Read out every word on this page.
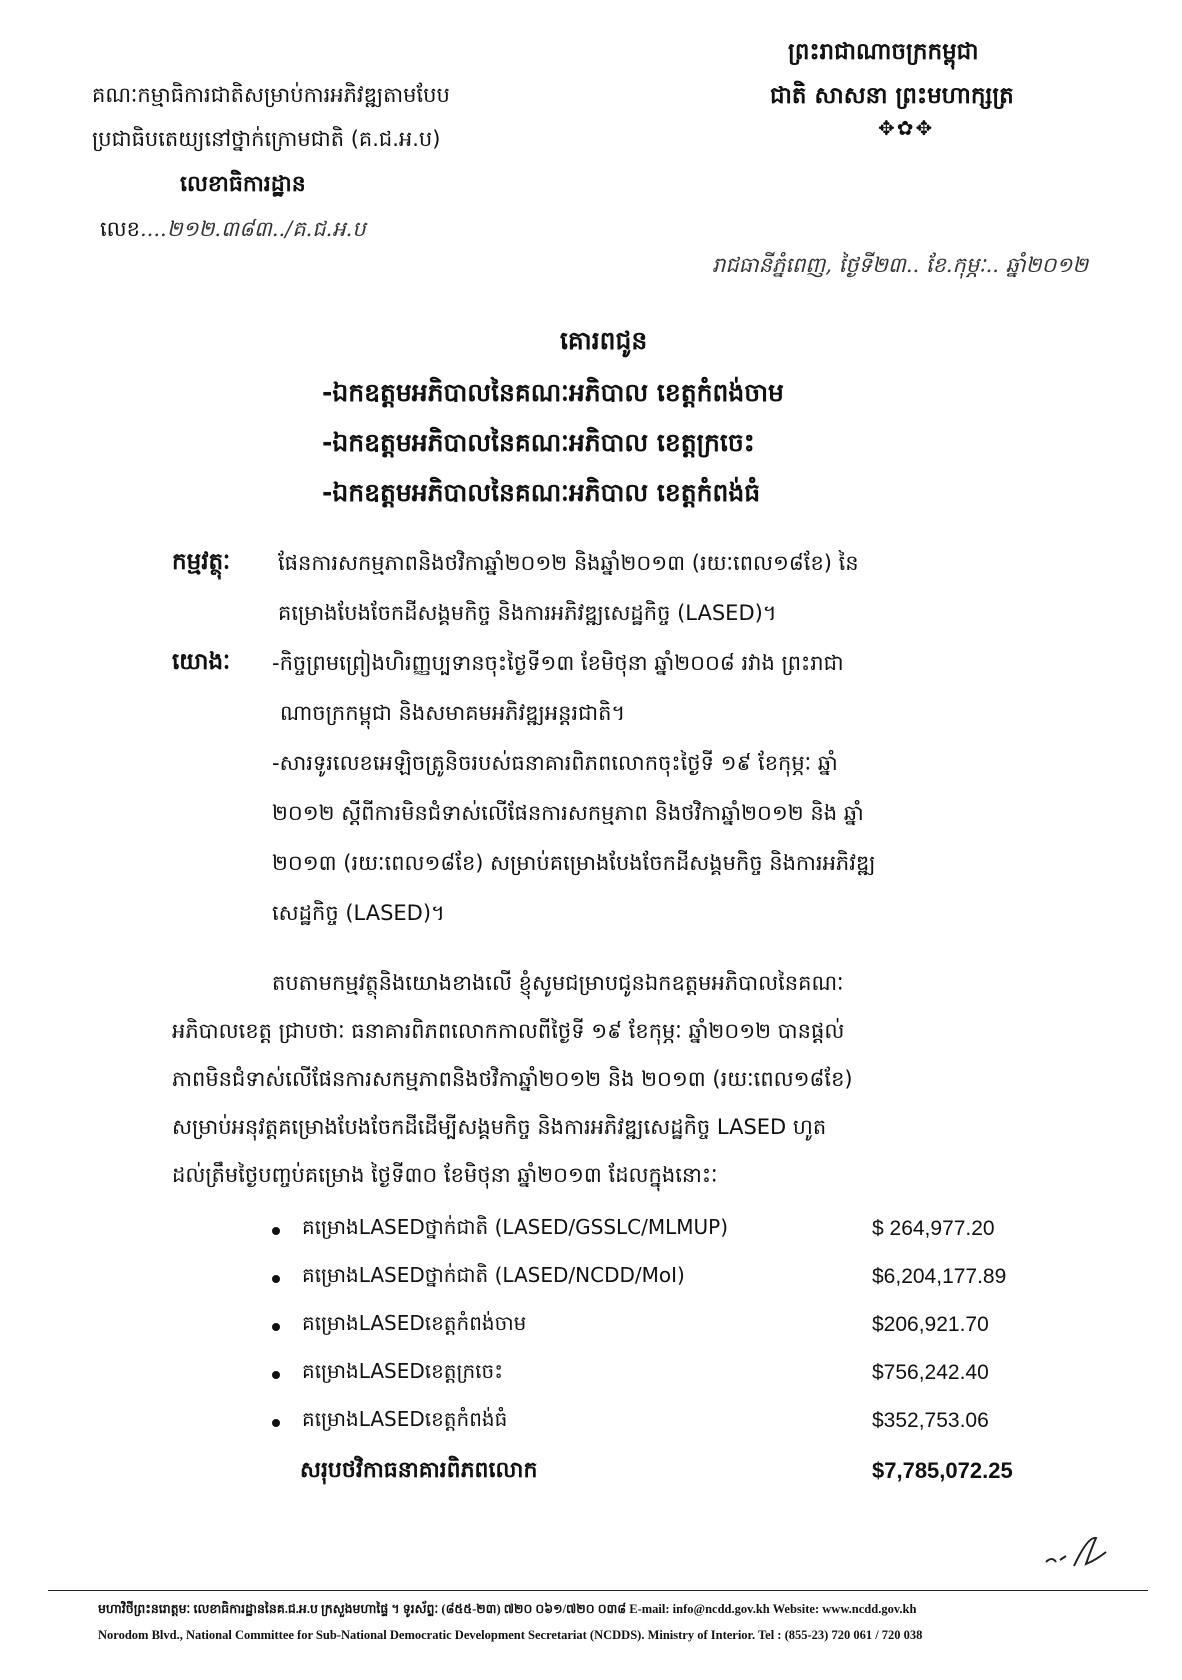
គណៈកម្មាធិការជាតិសម្រាប់ការអភិវឌ្ឍតាមបែប
ប្រជាធិបតេយ្យនៅថ្នាក់ក្រោមជាតិ (គ.ជ.អ.ប)
លេខាធិការដ្ឋាន
លេខ....២១២.៣៨៣../គ.ជ.អ.ប
ព្រះរាជាណាចក្រកម្ពុជា
ជាតិ សាសនា ព្រះមហាក្សត្រ
✥✿✥
រាជធានីភ្នំពេញ, ថ្ងៃទី២៣.. ខែ.កុម្ភៈ.. ឆ្នាំ២០១២
គោរពជូន
-ឯកឧត្តមអភិបាលនៃគណៈអភិបាល ខេត្តកំពង់ចាម
-ឯកឧត្តមអភិបាលនៃគណៈអភិបាល ខេត្តក្រចេះ
-ឯកឧត្តមអភិបាលនៃគណៈអភិបាល ខេត្តកំពង់ធំ
កម្មវត្ថុៈ ផែនការសកម្មភាពនិងថវិកាឆ្នាំ២០១២ និងឆ្នាំ២០១៣ (រយៈពេល១៨ខែ) នៃ
គម្រោងបែងចែកដីសង្គមកិច្ច និងការអភិវឌ្ឍសេដ្ឋកិច្ច (LASED)។
យោងៈ -កិច្ចព្រមព្រៀងហិរញ្ញប្បទានចុះថ្ងៃទី១៣ ខែមិថុនា ឆ្នាំ២០០៨ រវាង ព្រះរាជា
ណាចក្រកម្ពុជា និងសមាគមអភិវឌ្ឍអន្តរជាតិ។
-សារទូរលេខអេឡិចត្រូនិចរបស់ធនាគារពិភពលោកចុះថ្ងៃទី ១៩ ខែកុម្ភៈ ឆ្នាំ
២០១២ ស្តីពីការមិនជំទាស់លើផែនការសកម្មភាព និងថវិកាឆ្នាំ២០១២ និង ឆ្នាំ
២០១៣ (រយៈពេល១៨ខែ) សម្រាប់គម្រោងបែងចែកដីសង្គមកិច្ច និងការអភិវឌ្ឍ
សេដ្ឋកិច្ច (LASED)។
តបតាមកម្មវត្ថុនិងយោងខាងលើ ខ្ញុំសូមជម្រាបជូនឯកឧត្តមអភិបាលនៃគណៈ
អភិបាលខេត្ត ជ្រាបថាៈ ធនាគារពិភពលោកកាលពីថ្ងៃទី ១៩ ខែកុម្ភៈ ឆ្នាំ២០១២ បានផ្តល់
ភាពមិនជំទាស់លើផែនការសកម្មភាពនិងថវិកាឆ្នាំ២០១២ និង ២០១៣ (រយៈពេល១៨ខែ)
សម្រាប់អនុវត្តគម្រោងបែងចែកដីដើម្បីសង្គមកិច្ច និងការអភិវឌ្ឍសេដ្ឋកិច្ច LASED ហូត
ដល់ត្រឹមថ្ងៃបញ្ចប់គម្រោង ថ្ងៃទី៣០ ខែមិថុនា ឆ្នាំ២០១៣ ដែលក្នុងនោះៈ
គម្រោងLASEDថ្នាក់ជាតិ (LASED/GSSLC/MLMUP)	$ 264,977.20
គម្រោងLASEDថ្នាក់ជាតិ (LASED/NCDD/MoI)	$6,204,177.89
គម្រោងLASEDខេត្តកំពង់ចាម	$206,921.70
គម្រោងLASEDខេត្តក្រចេះ	$756,242.40
គម្រោងLASEDខេត្តកំពង់ធំ	$352,753.06
សរុបថវិកាធនាគារពិភពលោក	$7,785,072.25
មហាវិថីព្រះនរោត្តមៈ លេខាធិការដ្ឋាននៃគ.ជ.អ.ប ក្រសួងមហាផ្ទៃ ។ ទូរស័ព្ទៈ (៨៥៥-២៣) ៧២០ ០៦១/៧២០ ០៣៨ E-mail: info@ncdd.gov.kh Website: www.ncdd.gov.kh
Norodom Blvd., National Committee for Sub-National Democratic Development Secretariat (NCDDS). Ministry of Interior. Tel : (855-23) 720 061 / 720 038
